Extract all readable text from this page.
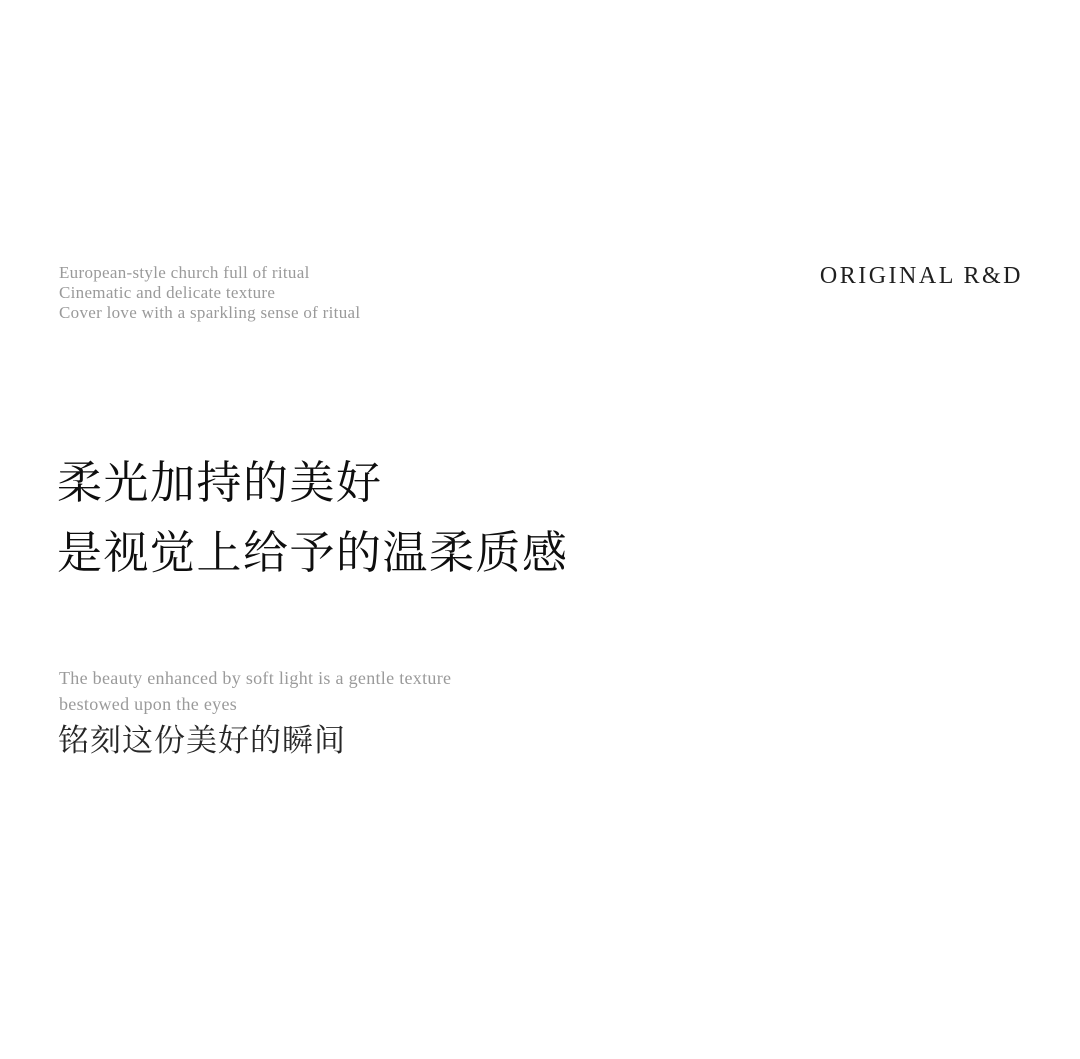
European-style church full of ritual
Cinematic and delicate texture
Cover love with a sparkling sense of ritual
ORIGINAL R&D
柔光加持的美好
是视觉上给予的温柔质感
The beauty enhanced by soft light is a gentle texture
bestowed upon the eyes
铭刻这份美好的瞬间
